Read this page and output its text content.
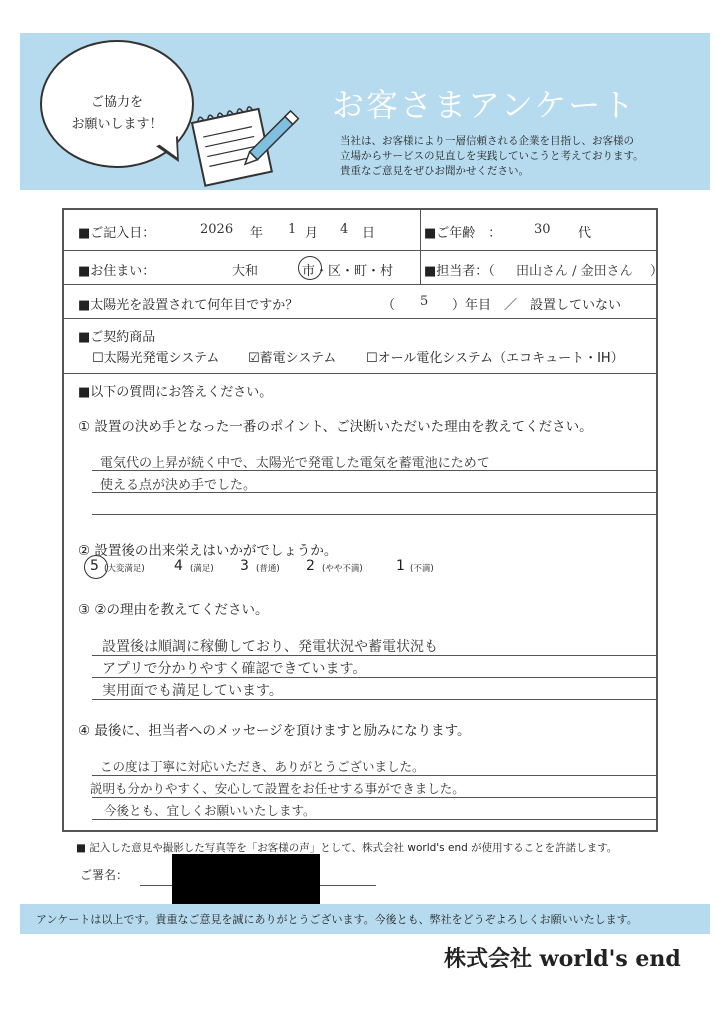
ご協力を
お願いします！
お客さまアンケート
当社は、お客様により一層信頼される企業を目指し、お客様の
立場からサービスの見直しを実践していこうと考えております。
貴重なご意見をぜひお聞かせください。
■ご記入日：	2026 年 1 月 4 日	■ご年齢　：	30 代
■お住まい：	大和	市・区・町・村 ■担当者：（ 田山さん / 金田さん ）
■太陽光を設置されて何年目ですか？	（ 5 ）年目　／　設置していない
■ご契約商品
☐太陽光発電システム ☑蓄電システム ☐オール電化システム（エコキュート・IH）
■以下の質問にお答えください。
① 設置の決め手となった一番のポイント、ご決断いただいた理由を教えてください。
電気代の上昇が続く中で、太陽光で発電した電気を蓄電池にためて
使える点が決め手でした。
② 設置後の出来栄えはいかがでしょうか。
5 (大変満足) 4 (満足) 3 (普通) 2 (やや不満) 1 (不満)
③ ②の理由を教えてください。
設置後は順調に稼働しており、発電状況や蓄電状況も
アプリで分かりやすく確認できています。
実用面でも満足しています。
④ 最後に、担当者へのメッセージを頂けますと励みになります。
この度は丁寧に対応いただき、ありがとうございました。
説明も分かりやすく、安心して設置をお任せする事ができました。
今後とも、宜しくお願いいたします。
■ 記入した意見や撮影した写真等を「お客様の声」として、株式会社 world's end が使用することを許諾します。
ご署名：
アンケートは以上です。貴重なご意見を誠にありがとうございます。今後とも、弊社をどうぞよろしくお願いいたします。
株式会社 world's end
